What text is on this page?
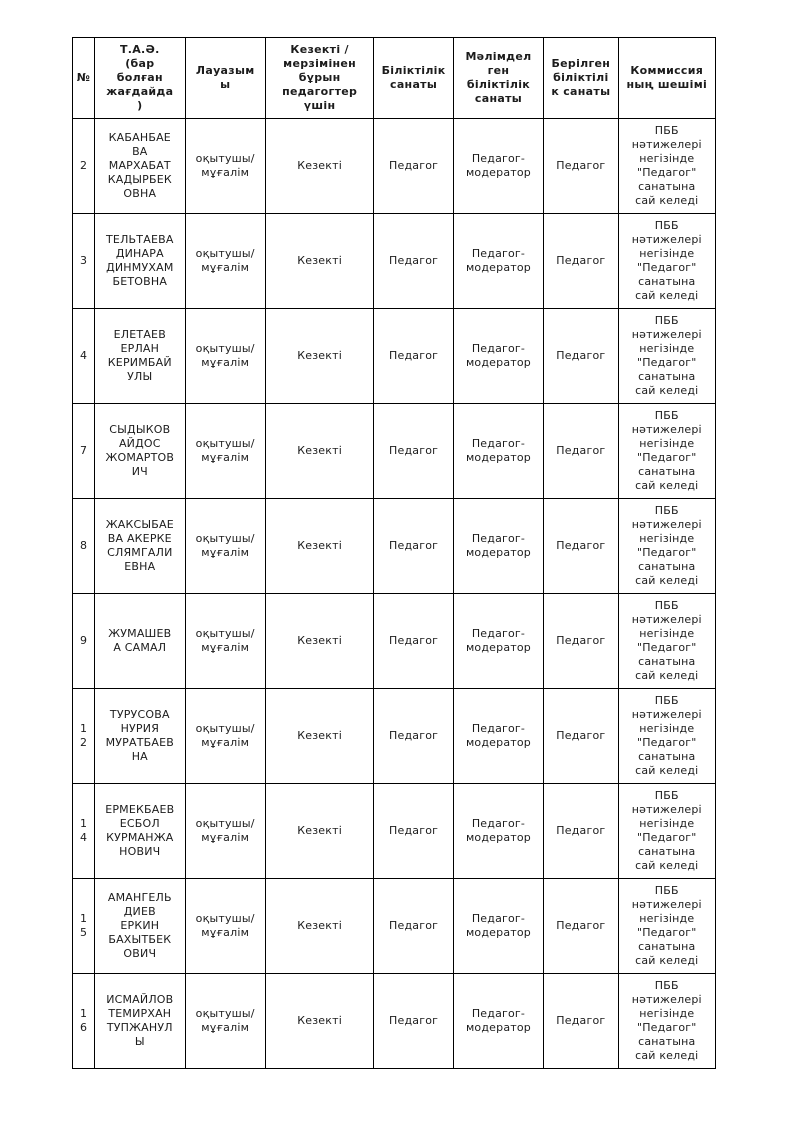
№	Т.А.Ә. (бар болған жағдайда )	Лауазымы	Кезекті / мерзімінен бұрын педагогтер үшін	Біліктілік санаты	Мәлімдел​ген біліктілік санаты	Берілген біліктілік санаты	Коммиссия​ның шешімі
2	КАБАНБАЕВ​А МАРХАБАТ КАДЫРБЕК​ОВНА	оқытушы/​мұғалім	Кезекті	Педагог	Педагог-модератор	Педагог	ПББ нәтижелері негізінде "Педагог" санатына сай келеді
3	ТЕЛЬТАЕВА ДИНАРА ДИНМУХАМ​БЕТОВНА	оқытушы/​мұғалім	Кезекті	Педагог	Педагог-модератор	Педагог	ПББ нәтижелері негізінде "Педагог" санатына сай келеді
4	ЕЛЕТАЕВ ЕРЛАН КЕРИМБАЙ​УЛЫ	оқытушы/​мұғалім	Кезекті	Педагог	Педагог-модератор	Педагог	ПББ нәтижелері негізінде "Педагог" санатына сай келеді
7	СЫДЫКОВ АЙДОС ЖОМАРТОВ​ИЧ	оқытушы/​мұғалім	Кезекті	Педагог	Педагог-модератор	Педагог	ПББ нәтижелері негізінде "Педагог" санатына сай келеді
8	ЖАКСЫБАЕ​ВА АКЕРКЕ СЛЯМГАЛИ​ЕВНА	оқытушы/​мұғалім	Кезекті	Педагог	Педагог-модератор	Педагог	ПББ нәтижелері негізінде "Педагог" санатына сай келеді
9	ЖУМАШЕВ​А САМАЛ	оқытушы/​мұғалім	Кезекті	Педагог	Педагог-модератор	Педагог	ПББ нәтижелері негізінде "Педагог" санатына сай келеді
12	ТУРУСОВА НУРИЯ МУРАТБАЕВ​НА	оқытушы/​мұғалім	Кезекті	Педагог	Педагог-модератор	Педагог	ПББ нәтижелері негізінде "Педагог" санатына сай келеді
14	ЕРМЕКБАЕВ ЕСБОЛ КУРМАНЖА​НОВИЧ	оқытушы/​мұғалім	Кезекті	Педагог	Педагог-модератор	Педагог	ПББ нәтижелері негізінде "Педагог" санатына сай келеді
15	АМАНГЕЛЬ​ДИЕВ ЕРКИН БАХЫТБЕК​ОВИЧ	оқытушы/​мұғалім	Кезекті	Педагог	Педагог-модератор	Педагог	ПББ нәтижелері негізінде "Педагог" санатына сай келеді
16	ИСМАЙЛОВ ТЕМИРХАН ТУПЖАНУЛ​Ы	оқытушы/​мұғалім	Кезекті	Педагог	Педагог-модератор	Педагог	ПББ нәтижелері негізінде "Педагог" санатына сай келеді
